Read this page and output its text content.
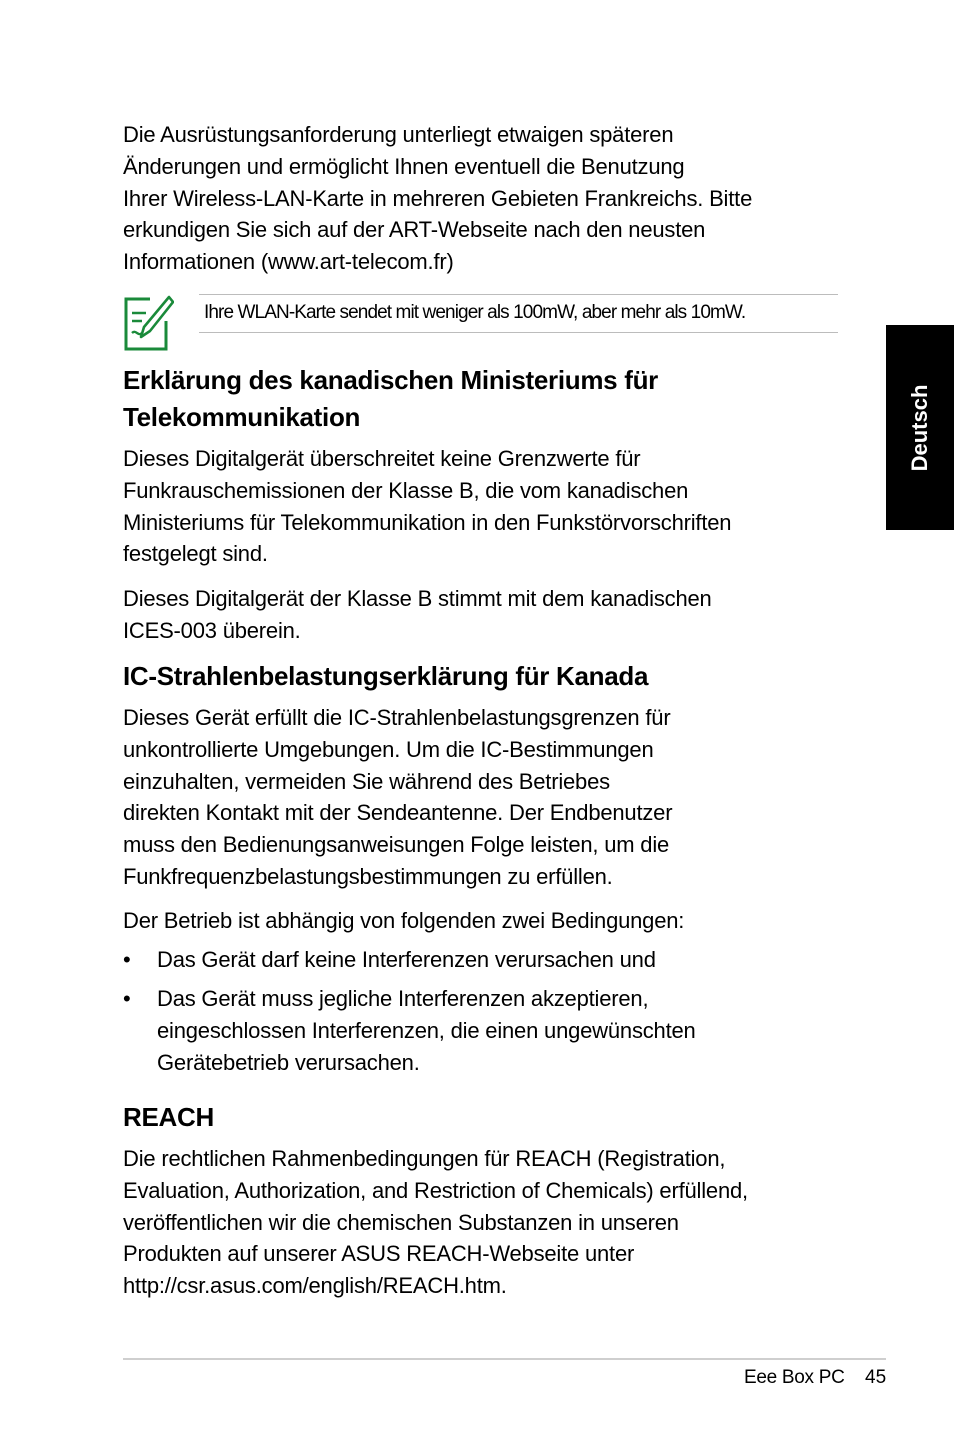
Die Ausrüstungsanforderung unterliegt etwaigen späteren
Änderungen und ermöglicht Ihnen eventuell die Benutzung
Ihrer Wireless-LAN-Karte in mehreren Gebieten Frankreichs. Bitte
erkundigen Sie sich auf der ART-Webseite nach den neusten
Informationen (www.art-telecom.fr)
Ihre WLAN-Karte sendet mit weniger als 100mW, aber mehr als 10mW.
Erklärung des kanadischen Ministeriums für
Telekommunikation
Dieses Digitalgerät überschreitet keine Grenzwerte für
Funkrauschemissionen der Klasse B, die vom kanadischen
Ministeriums für Telekommunikation in den Funkstörvorschriften
festgelegt sind.
Dieses Digitalgerät der Klasse B stimmt mit dem kanadischen
ICES-003 überein.
IC-Strahlenbelastungserklärung für Kanada
Dieses Gerät erfüllt die IC-Strahlenbelastungsgrenzen für
unkontrollierte Umgebungen. Um die IC-Bestimmungen
einzuhalten, vermeiden Sie während des Betriebes
direkten Kontakt mit der Sendeantenne. Der Endbenutzer
muss den Bedienungsanweisungen Folge leisten, um die
Funkfrequenzbelastungsbestimmungen zu erfüllen.
Der Betrieb ist abhängig von folgenden zwei Bedingungen:
• Das Gerät darf keine Interferenzen verursachen und
• Das Gerät muss jegliche Interferenzen akzeptieren,
eingeschlossen Interferenzen, die einen ungewünschten
Gerätebetrieb verursachen.
REACH
Die rechtlichen Rahmenbedingungen für REACH (Registration,
Evaluation, Authorization, and Restriction of Chemicals) erfüllend,
veröffentlichen wir die chemischen Substanzen in unseren
Produkten auf unserer ASUS REACH-Webseite unter
http://csr.asus.com/english/REACH.htm.
Deutsch
Eee Box PC 45
